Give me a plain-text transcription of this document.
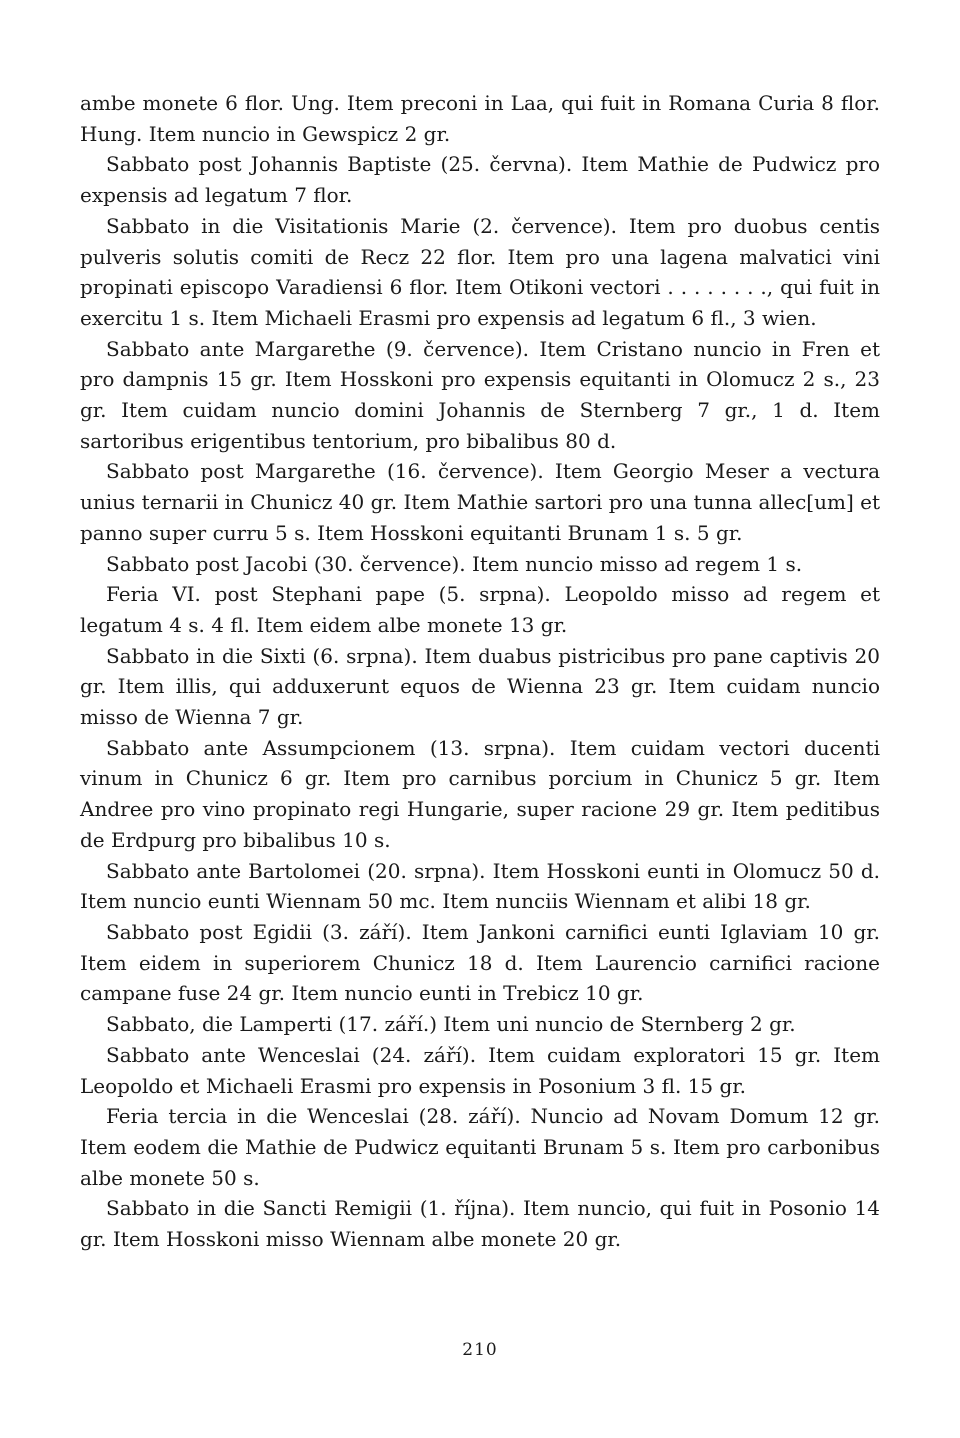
ambe monete 6 flor. Ung. Item preconi in Laa, qui fuit in Romana Curia 8 flor. Hung. Item nuncio in Gewspicz 2 gr.

Sabbato post Johannis Baptiste (25. června). Item Mathie de Pudwicz pro expensis ad legatum 7 flor.

Sabbato in die Visitationis Marie (2. července). Item pro duobus centis pulveris solutis comiti de Recz 22 flor. Item pro una lagena malvatici vini propinati episcopo Varadiensi 6 flor. Item Otikoni vectori . . . . . . . ., qui fuit in exercitu 1 s. Item Michaeli Erasmi pro expensis ad legatum 6 fl., 3 wien.

Sabbato ante Margarethe (9. července). Item Cristano nuncio in Fren et pro dampnis 15 gr. Item Hosskoni pro expensis equitanti in Olomucz 2 s., 23 gr. Item cuidam nuncio domini Johannis de Sternberg 7 gr., 1 d. Item sartoribus erigentibus tentorium, pro bibalibus 80 d.

Sabbato post Margarethe (16. července). Item Georgio Meser a vectura unius ternarii in Chunicz 40 gr. Item Mathie sartori pro una tunna allec[um] et panno super curru 5 s. Item Hosskoni equitanti Brunam 1 s. 5 gr.

Sabbato post Jacobi (30. července). Item nuncio misso ad regem 1 s.

Feria VI. post Stephani pape (5. srpna). Leopoldo misso ad regem et legatum 4 s. 4 fl. Item eidem albe monete 13 gr.

Sabbato in die Sixti (6. srpna). Item duabus pistricibus pro pane captivis 20 gr. Item illis, qui adduxerunt equos de Wienna 23 gr. Item cuidam nuncio misso de Wienna 7 gr.

Sabbato ante Assumpcionem (13. srpna). Item cuidam vectori ducenti vinum in Chunicz 6 gr. Item pro carnibus porcium in Chunicz 5 gr. Item Andree pro vino propinato regi Hungarie, super racione 29 gr. Item peditibus de Erdpurg pro bibalibus 10 s.

Sabbato ante Bartolomei (20. srpna). Item Hosskoni eunti in Olomucz 50 d. Item nuncio eunti Wiennam 50 mc. Item nunciis Wiennam et alibi 18 gr.

Sabbato post Egidii (3. září). Item Jankoni carnifici eunti Iglaviam 10 gr. Item eidem in superiorem Chunicz 18 d. Item Laurencio carnifici racione campane fuse 24 gr. Item nuncio eunti in Trebicz 10 gr.

Sabbato, die Lamperti (17. září.) Item uni nuncio de Sternberg 2 gr.

Sabbato ante Wenceslai (24. září). Item cuidam exploratori 15 gr. Item Leopoldo et Michaeli Erasmi pro expensis in Posonium 3 fl. 15 gr.

Feria tercia in die Wenceslai (28. září). Nuncio ad Novam Domum 12 gr. Item eodem die Mathie de Pudwicz equitanti Brunam 5 s. Item pro carbonibus albe monete 50 s.

Sabbato in die Sancti Remigii (1. října). Item nuncio, qui fuit in Posonio 14 gr. Item Hosskoni misso Wiennam albe monete 20 gr.

210
